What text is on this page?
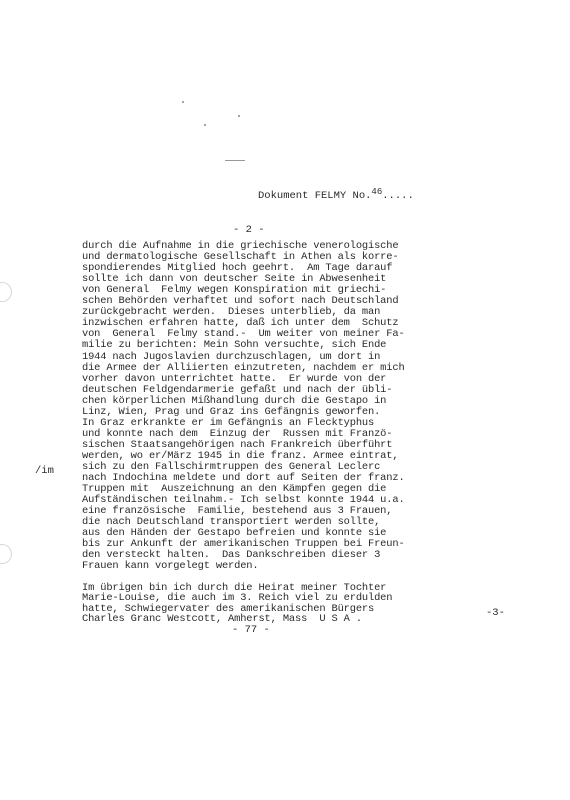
Dokument FELMY No.46.....
- 2 -
/im
durch die Aufnahme in die griechische venerologische
und dermatologische Gesellschaft in Athen als korre-
spondierendes Mitglied hoch geehrt.  Am Tage darauf
sollte ich dann von deutscher Seite in Abwesenheit
von General  Felmy wegen Konspiration mit griechi-
schen Behörden verhaftet und sofort nach Deutschland
zurückgebracht werden.  Dieses unterblieb, da man
inzwischen erfahren hatte, daß ich unter dem  Schutz
von  General  Felmy stand.-  Um weiter von meiner Fa-
milie zu berichten: Mein Sohn versuchte, sich Ende
1944 nach Jugoslavien durchzuschlagen, um dort in
die Armee der Alliierten einzutreten, nachdem er mich
vorher davon unterrichtet hatte.  Er wurde von der
deutschen Feldgendarmerie gefaßt und nach der übli-
chen körperlichen Mißhandlung durch die Gestapo in
Linz, Wien, Prag und Graz ins Gefängnis geworfen.
In Graz erkrankte er im Gefängnis an Flecktyphus
und konnte nach dem  Einzug der  Russen mit Franzö-
sischen Staatsangehörigen nach Frankreich überführt
werden, wo er/März 1945 in die franz. Armee eintrat,
sich zu den Fallschirmtruppen des General Leclerc
nach Indochina meldete und dort auf Seiten der franz.
Truppen mit  Auszeichnung an den Kämpfen gegen die
Aufständischen teilnahm.- Ich selbst konnte 1944 u.a.
eine französische  Familie, bestehend aus 3 Frauen,
die nach Deutschland transportiert werden sollte,
aus den Händen der Gestapo befreien und konnte sie
bis zur Ankunft der amerikanischen Truppen bei Freun-
den versteckt halten.  Das Dankschreiben dieser 3
Frauen kann vorgelegt werden.
Im übrigen bin ich durch die Heirat meiner Tochter
Marie-Louise, die auch im 3. Reich viel zu erdulden
hatte, Schwiegervater des amerikanischen Bürgers
Charles Granc Westcott, Amherst, Mass  U S A .
-3-
- 77 -
